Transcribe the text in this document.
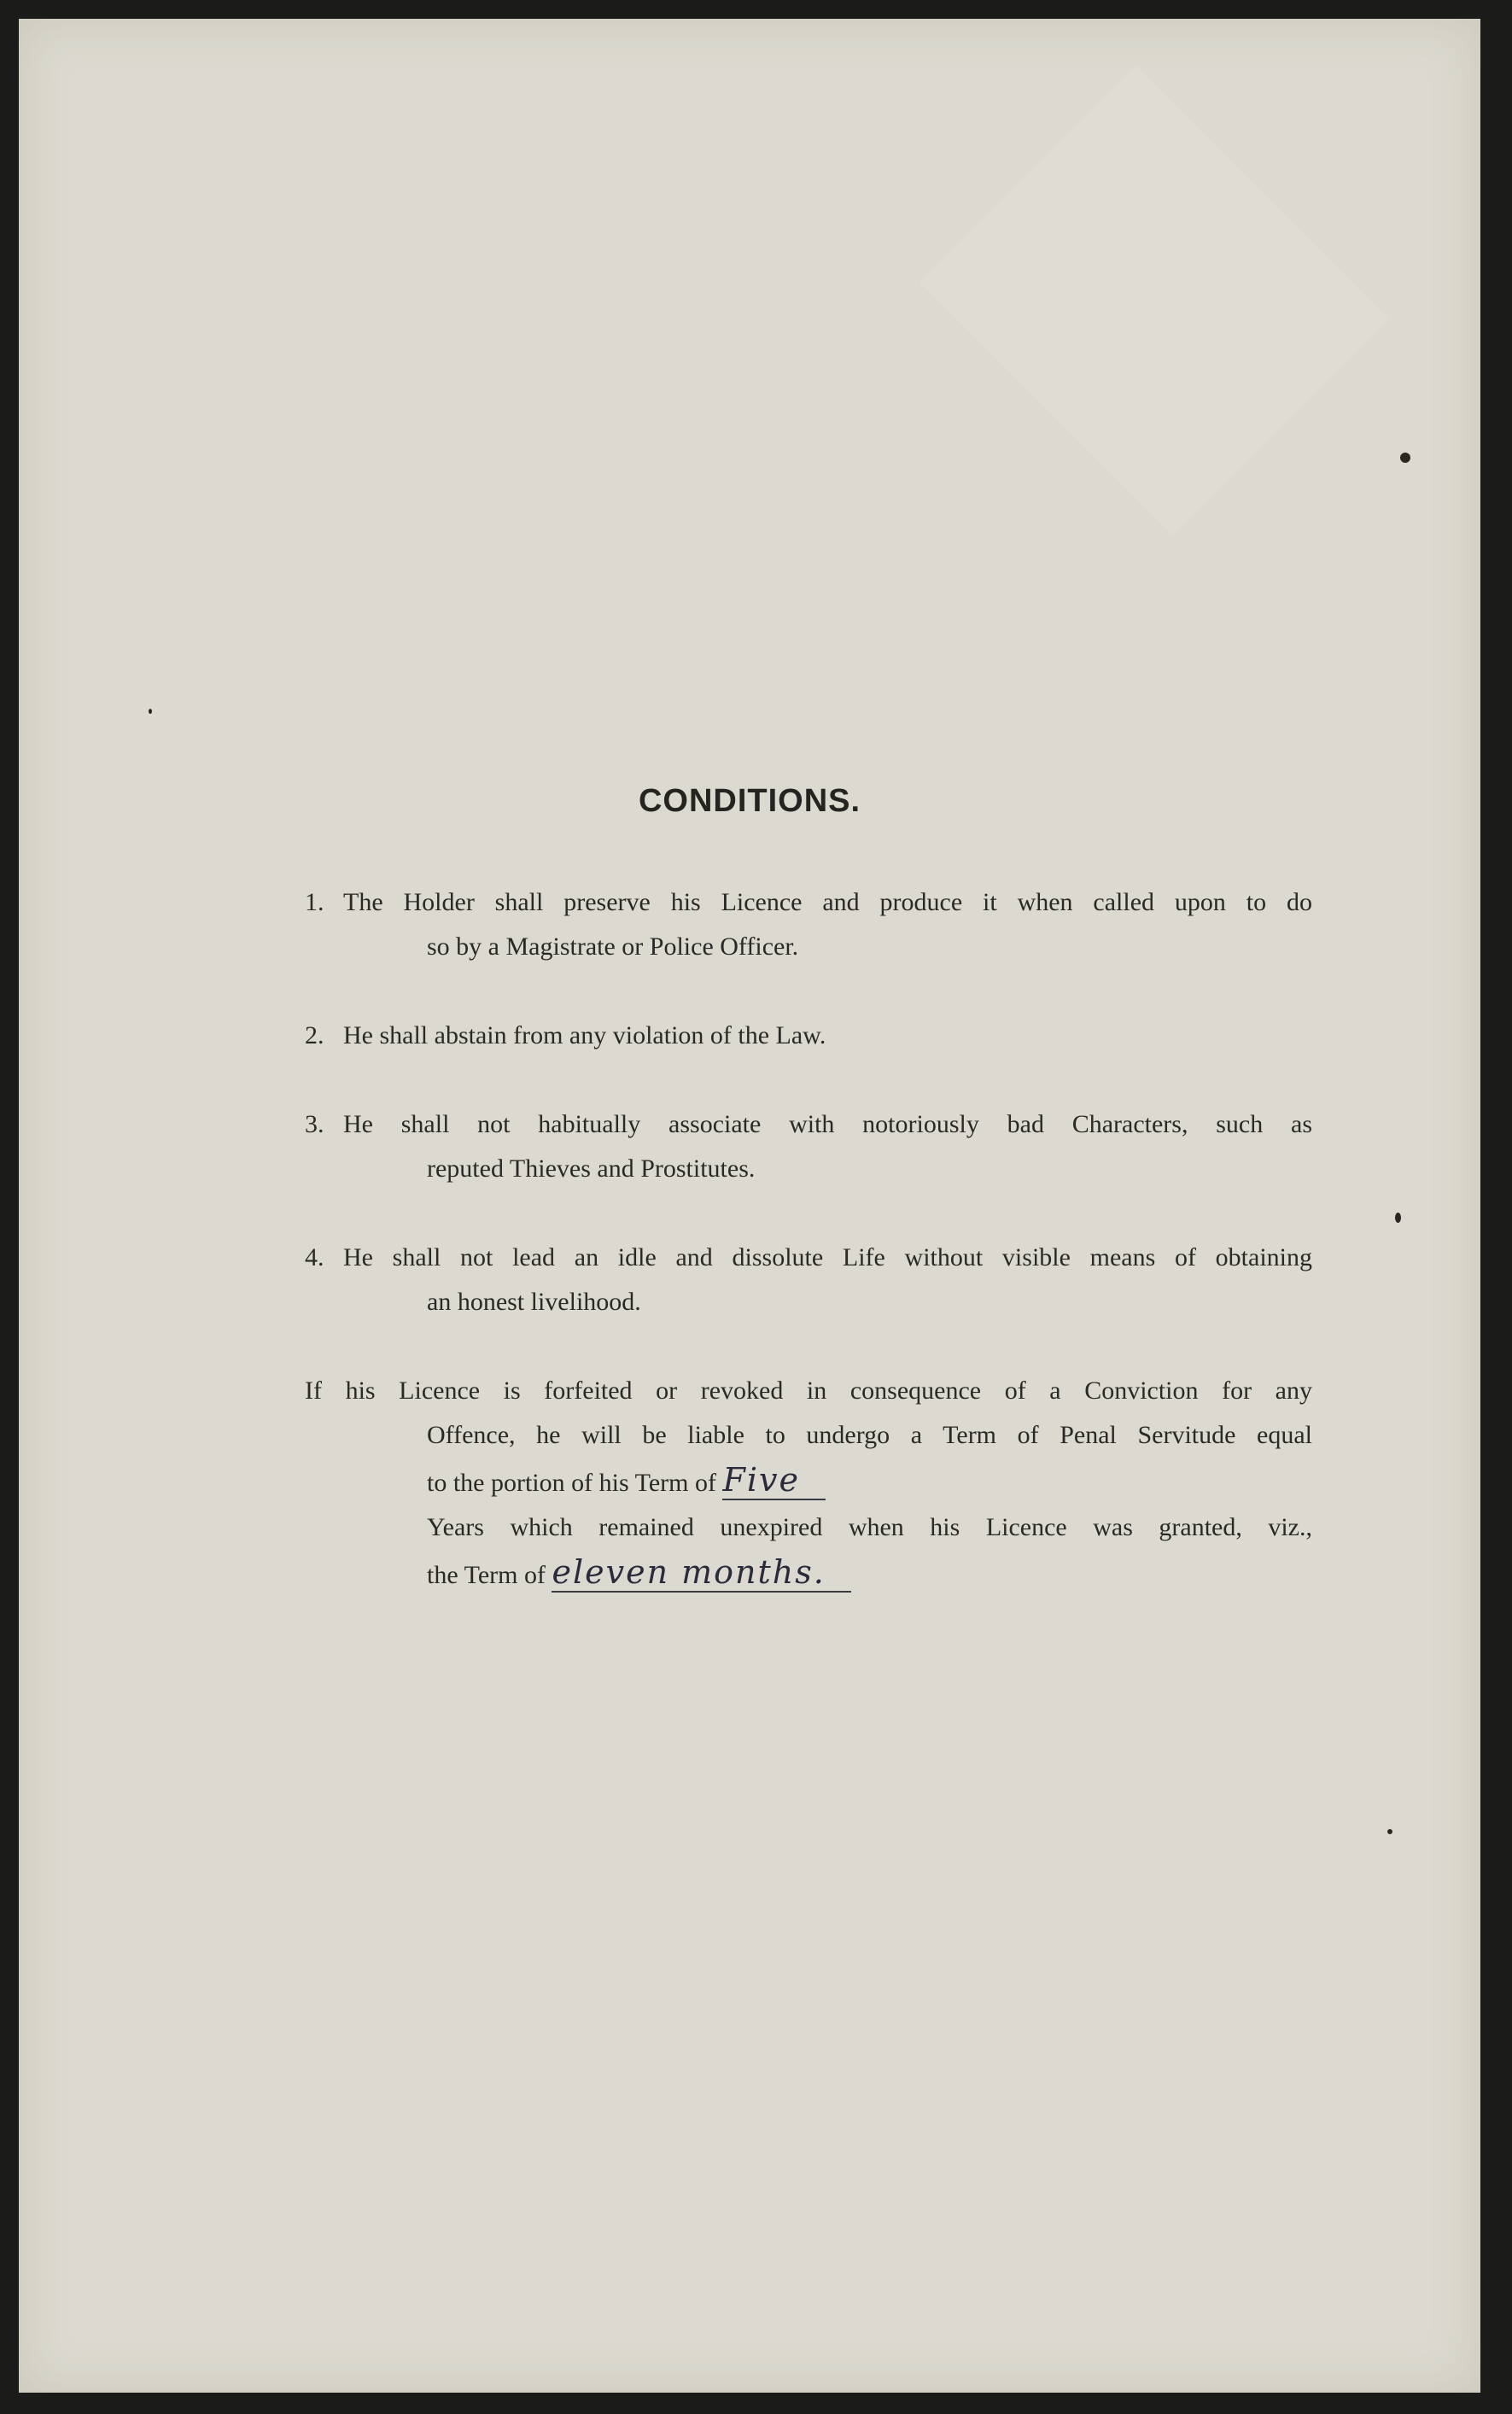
CONDITIONS.
1. The Holder shall preserve his Licence and produce it when called upon to do
so by a Magistrate or Police Officer.
2. He shall abstain from any violation of the Law.
3. He shall not habitually associate with notoriously bad Characters, such as
reputed Thieves and Prostitutes.
4. He shall not lead an idle and dissolute Life without visible means of obtaining
an honest livelihood.
If his Licence is forfeited or revoked in consequence of a Conviction for any
Offence, he will be liable to undergo a Term of Penal Servitude equal
to the portion of his Term of Five
Years which remained unexpired when his Licence was granted, viz.,
the Term of eleven months.
